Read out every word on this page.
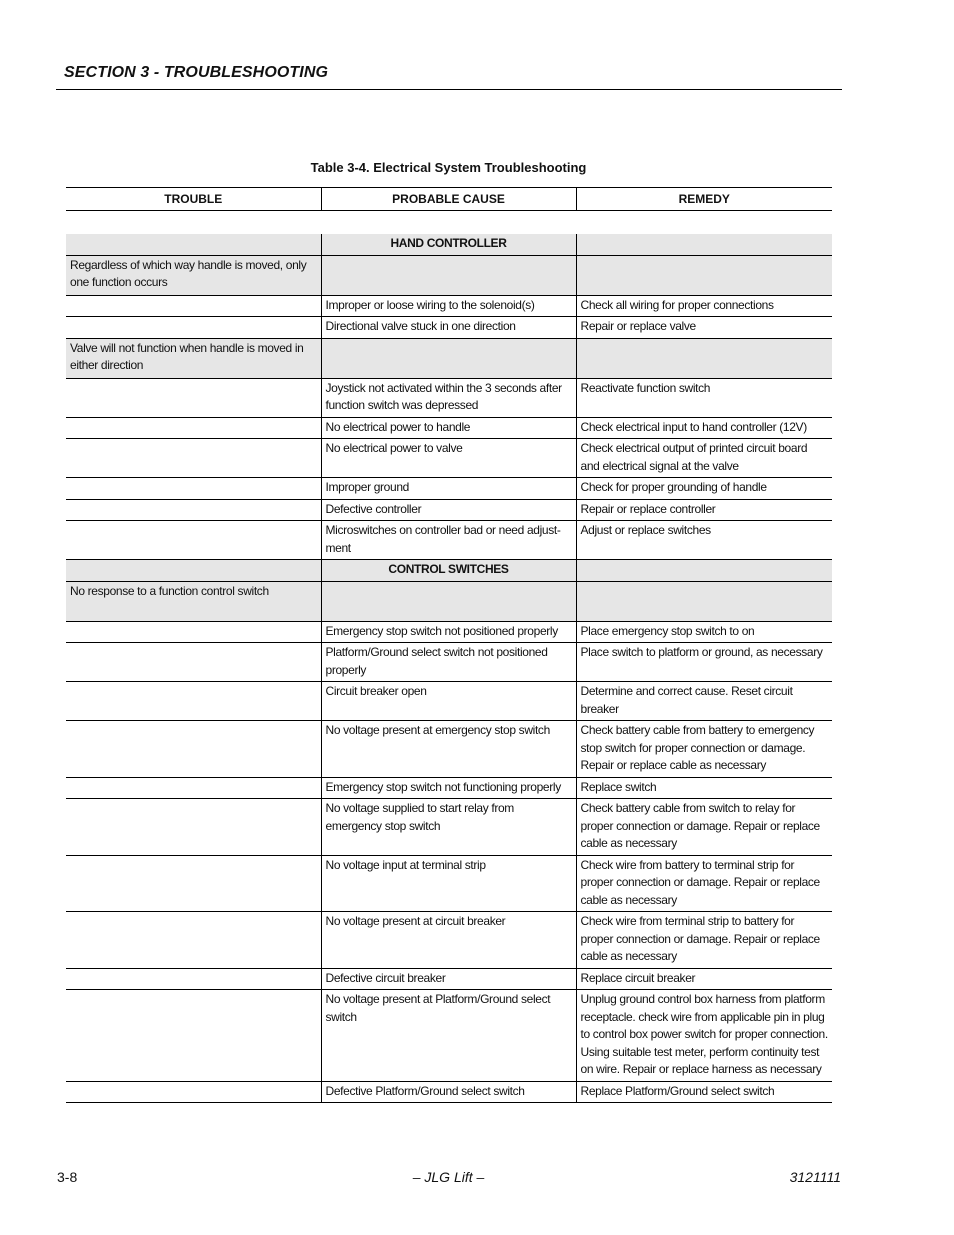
SECTION 3 - TROUBLESHOOTING
Table 3-4. Electrical System Troubleshooting
TROUBLE	PROBABLE CAUSE	REMEDY

	HAND CONTROLLER	
Regardless of which way handle is moved, only one function occurs		
	Improper or loose wiring to the solenoid(s)	Check all wiring for proper connections
	Directional valve stuck in one direction	Repair or replace valve
Valve will not function when handle is moved in either direction		
	Joystick not activated within the 3 seconds after function switch was depressed	Reactivate function switch
	No electrical power to handle	Check electrical input to hand controller (12V)
	No electrical power to valve	Check electrical output of printed circuit board and electrical signal at the valve
	Improper ground	Check for proper grounding of handle
	Defective controller	Repair or replace controller
	Microswitches on controller bad or need adjust-ment	Adjust or replace switches
	CONTROL SWITCHES	
No response to a function control switch		
	Emergency stop switch not positioned properly	Place emergency stop switch to on
	Platform/Ground select switch not positioned properly	Place switch to platform or ground, as necessary
	Circuit breaker open	Determine and correct cause. Reset circuit breaker
	No voltage present at emergency stop switch	Check battery cable from battery to emergency stop switch for proper connection or damage. Repair or replace cable as necessary
	Emergency stop switch not functioning properly	Replace switch
	No voltage supplied to start relay from emergency stop switch	Check battery cable from switch to relay for proper connection or damage. Repair or replace cable as necessary
	No voltage input at terminal strip	Check wire from battery to terminal strip for proper connection or damage. Repair or replace cable as necessary
	No voltage present at circuit breaker	Check wire from terminal strip to battery for proper connection or damage. Repair or replace cable as necessary
	Defective circuit breaker	Replace circuit breaker
	No voltage present at Platform/Ground select switch	Unplug ground control box harness from platform receptacle. check wire from applicable pin in plug to control box power switch for proper connection. Using suitable test meter, perform continuity test on wire. Repair or replace harness as necessary
	Defective Platform/Ground select switch	Replace Platform/Ground select switch
3-8	– JLG Lift –	3121111
